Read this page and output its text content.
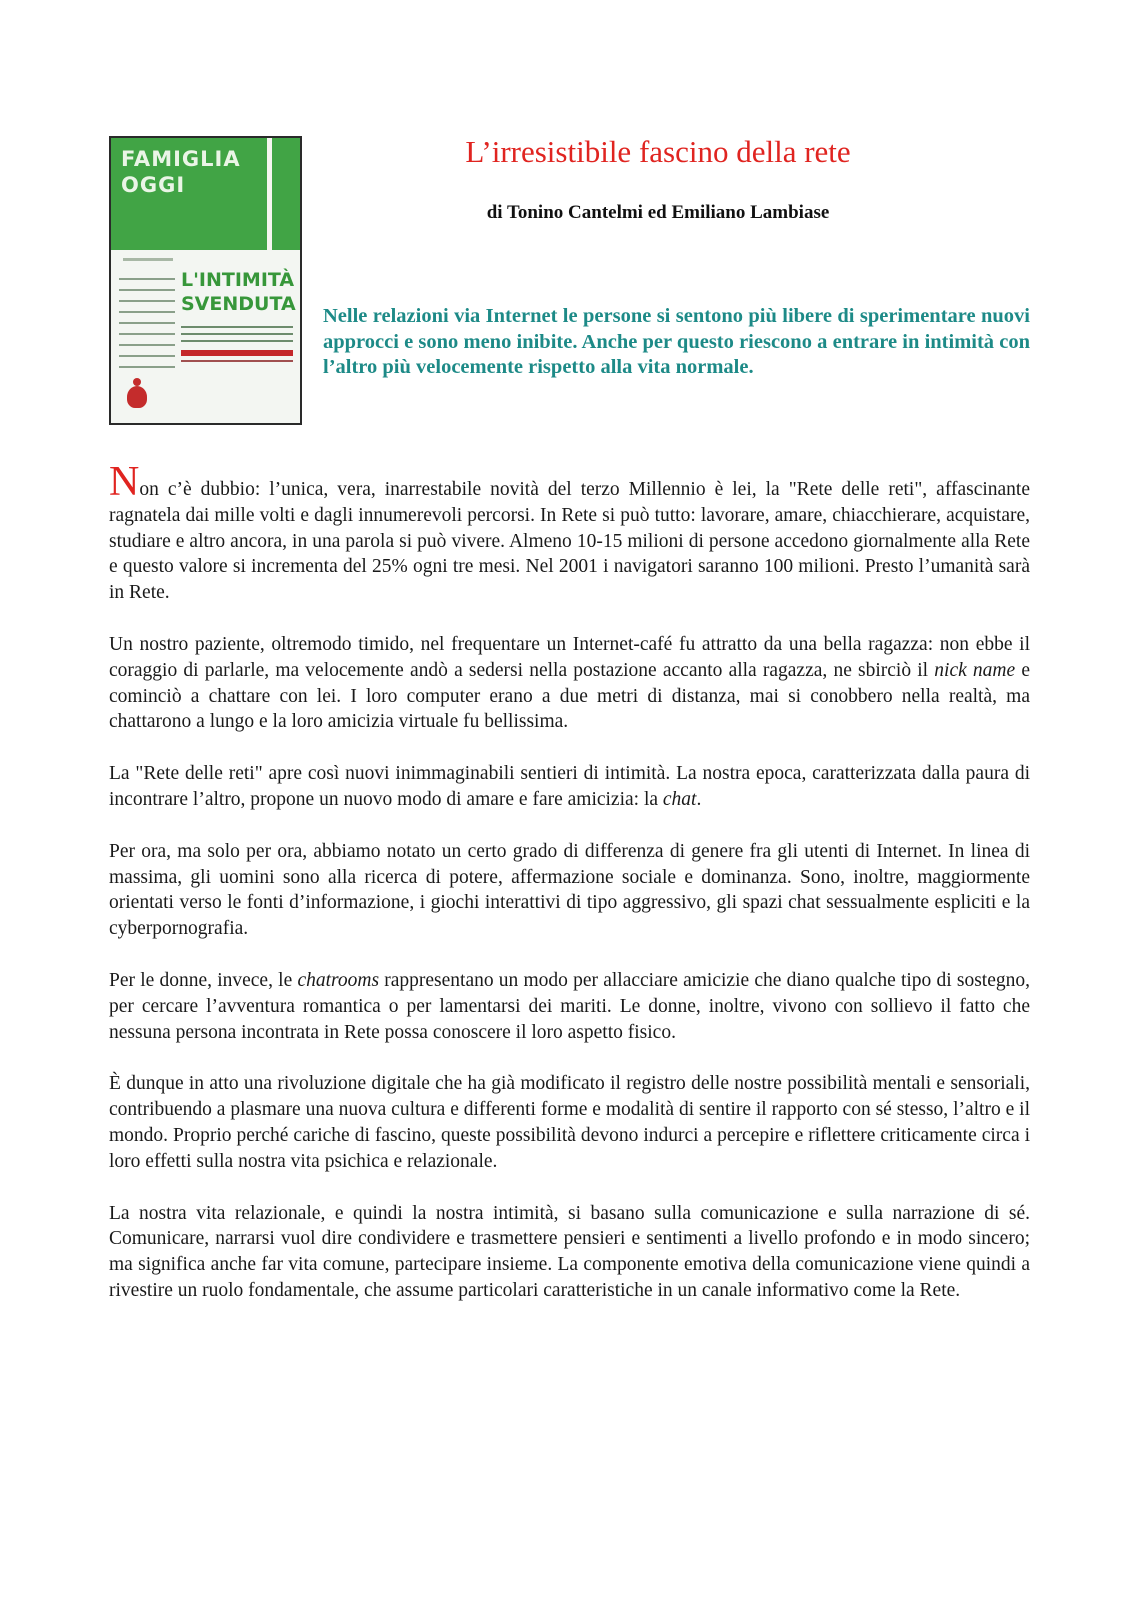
FAMIGLIA
OGGI
L'INTIMITÀ
SVENDUTA
L’irresistibile fascino della rete
di Tonino Cantelmi ed Emiliano Lambiase

Nelle relazioni via Internet le persone si sentono più libere di sperimentare nuovi approcci e sono meno inibite. Anche per questo riescono a entrare in intimità con l’altro più velocemente rispetto alla vita normale.

Non c’è dubbio: l’unica, vera, inarrestabile novità del terzo Millennio è lei, la "Rete delle reti", affascinante ragnatela dai mille volti e dagli innumerevoli percorsi. In Rete si può tutto: lavorare, amare, chiacchierare, acquistare, studiare e altro ancora, in una parola si può vivere. Almeno 10-15 milioni di persone accedono giornalmente alla Rete e questo valore si incrementa del 25% ogni tre mesi. Nel 2001 i navigatori saranno 100 milioni. Presto l’umanità sarà in Rete.

Un nostro paziente, oltremodo timido, nel frequentare un Internet-café fu attratto da una bella ragazza: non ebbe il coraggio di parlarle, ma velocemente andò a sedersi nella postazione accanto alla ragazza, ne sbirciò il nick name e cominciò a chattare con lei. I loro computer erano a due metri di distanza, mai si conobbero nella realtà, ma chattarono a lungo e la loro amicizia virtuale fu bellissima.

La "Rete delle reti" apre così nuovi inimmaginabili sentieri di intimità. La nostra epoca, caratterizzata dalla paura di incontrare l’altro, propone un nuovo modo di amare e fare amicizia: la chat.

Per ora, ma solo per ora, abbiamo notato un certo grado di differenza di genere fra gli utenti di Internet. In linea di massima, gli uomini sono alla ricerca di potere, affermazione sociale e dominanza. Sono, inoltre, maggiormente orientati verso le fonti d’informazione, i giochi interattivi di tipo aggressivo, gli spazi chat sessualmente espliciti e la cyberpornografia.

Per le donne, invece, le chatrooms rappresentano un modo per allacciare amicizie che diano qualche tipo di sostegno, per cercare l’avventura romantica o per lamentarsi dei mariti. Le donne, inoltre, vivono con sollievo il fatto che nessuna persona incontrata in Rete possa conoscere il loro aspetto fisico.

È dunque in atto una rivoluzione digitale che ha già modificato il registro delle nostre possibilità mentali e sensoriali, contribuendo a plasmare una nuova cultura e differenti forme e modalità di sentire il rapporto con sé stesso, l’altro e il mondo. Proprio perché cariche di fascino, queste possibilità devono indurci a percepire e riflettere criticamente circa i loro effetti sulla nostra vita psichica e relazionale.

La nostra vita relazionale, e quindi la nostra intimità, si basano sulla comunicazione e sulla narrazione di sé. Comunicare, narrarsi vuol dire condividere e trasmettere pensieri e sentimenti a livello profondo e in modo sincero; ma significa anche far vita comune, partecipare insieme. La componente emotiva della comunicazione viene quindi a rivestire un ruolo fondamentale, che assume particolari caratteristiche in un canale informativo come la Rete.
